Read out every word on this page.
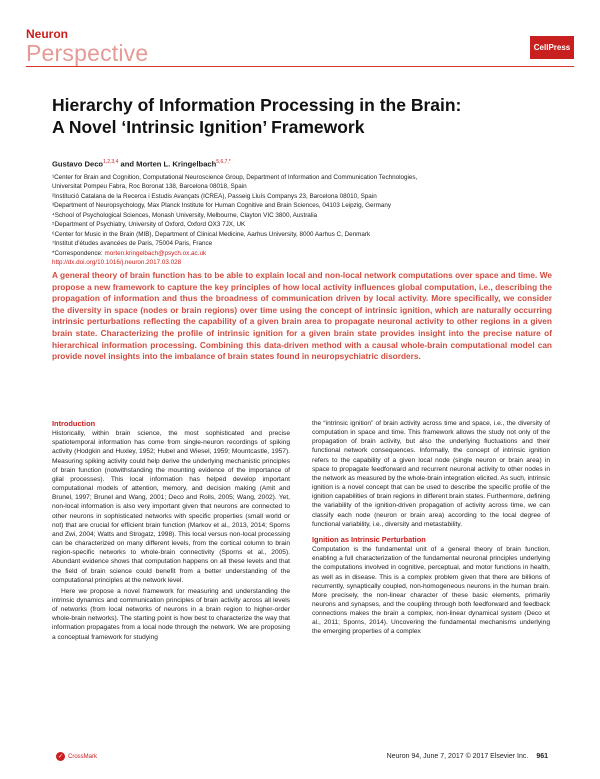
Neuron
Perspective	CellPress
Hierarchy of Information Processing in the Brain:
A Novel ‘Intrinsic Ignition’ Framework
Gustavo Deco$^{1,2,3,4}$ and Morten L. Kringelbach$^{5,6,7,*}$
¹Center for Brain and Cognition, Computational Neuroscience Group, Department of Information and Communication Technologies,
Universitat Pompeu Fabra, Roc Boronat 138, Barcelona 08018, Spain
²Institució Catalana de la Recerca i Estudis Avançats (ICREA), Passeig Lluís Companys 23, Barcelona 08010, Spain
³Department of Neuropsychology, Max Planck Institute for Human Cognitive and Brain Sciences, 04103 Leipzig, Germany
⁴School of Psychological Sciences, Monash University, Melbourne, Clayton VIC 3800, Australia
⁵Department of Psychiatry, University of Oxford, Oxford OX3 7JX, UK
⁶Center for Music in the Brain (MIB), Department of Clinical Medicine, Aarhus University, 8000 Aarhus C, Denmark
⁷Institut d’études avancées de Paris, 75004 Paris, France
*Correspondence: morten.kringelbach@psych.ox.ac.uk
http://dx.doi.org/10.1016/j.neuron.2017.03.028
A general theory of brain function has to be able to explain local and non-local network computations over space and time. We propose a new framework to capture the key principles of how local activity influences global computation, i.e., describing the propagation of information and thus the broadness of communication driven by local activity. More specifically, we consider the diversity in space (nodes or brain regions) over time using the concept of intrinsic ignition, which are naturally occurring intrinsic perturbations reflecting the capability of a given brain area to propagate neuronal activity to other regions in a given brain state. Characterizing the profile of intrinsic ignition for a given brain state provides insight into the precise nature of hierarchical information processing. Combining this data-driven method with a causal whole-brain computational model can provide novel insights into the imbalance of brain states found in neuropsychiatric disorders.
Introduction

Historically, within brain science, the most sophisticated and precise spatiotemporal information has come from single-neuron recordings of spiking activity (Hodgkin and Huxley, 1952; Hubel and Wiesel, 1959; Mountcastle, 1957). Measuring spiking activity could help derive the underlying mechanistic principles of brain function (notwithstanding the mounting evidence of the importance of glial processes). This local information has helped develop important computational models of attention, memory, and decision making (Amit and Brunel, 1997; Brunel and Wang, 2001; Deco and Rolls, 2005; Wang, 2002). Yet, non-local information is also very important given that neurons are connected to other neurons in sophisticated networks with specific properties (small world or not) that are crucial for efficient brain function (Markov et al., 2013, 2014; Sporns and Zwi, 2004; Watts and Strogatz, 1998). This local versus non-local processing can be characterized on many different levels, from the cortical column to brain region-specific networks to whole-brain connectivity (Sporns et al., 2005). Abundant evidence shows that computation happens on all these levels and that the field of brain science could benefit from a better understanding of the computational principles at the network level.

Here we propose a novel framework for measuring and understanding the intrinsic dynamics and communication principles of brain activity across all levels of networks (from local networks of neurons in a brain region to higher-order whole-brain networks). The starting point is how best to characterize the way that information propagates from a local node through the network. We are proposing a conceptual framework for studying

the “intrinsic ignition” of brain activity across time and space, i.e., the diversity of computation in space and time. This framework allows the study not only of the propagation of brain activity, but also the underlying fluctuations and their functional network consequences. Informally, the concept of intrinsic ignition refers to the capability of a given local node (single neuron or brain area) in space to propagate feedforward and recurrent neuronal activity to other nodes in the network as measured by the whole-brain integration elicited. As such, intrinsic ignition is a novel concept that can be used to describe the specific profile of the ignition capabilities of brain regions in different brain states. Furthermore, defining the variability of the ignition-driven propagation of activity across time, we can classify each node (neuron or brain area) according to the local degree of functional variability, i.e., diversity and metastability.

Ignition as Intrinsic Perturbation

Computation is the fundamental unit of a general theory of brain function, enabling a full characterization of the fundamental neuronal principles underlying the computations involved in cognitive, perceptual, and motor functions in health, as well as in disease. This is a complex problem given that there are billions of recurrently, synaptically coupled, non-homogeneous neurons in the human brain. More precisely, the non-linear character of these basic elements, primarily neurons and synapses, and the coupling through both feedforward and feedback connections makes the brain a complex, non-linear dynamical system (Deco et al., 2011; Sporns, 2014). Uncovering the fundamental mechanisms underlying the emerging properties of a complex

✓ CrossMark	Neuron 94, June 7, 2017 © 2017 Elsevier Inc. 961
